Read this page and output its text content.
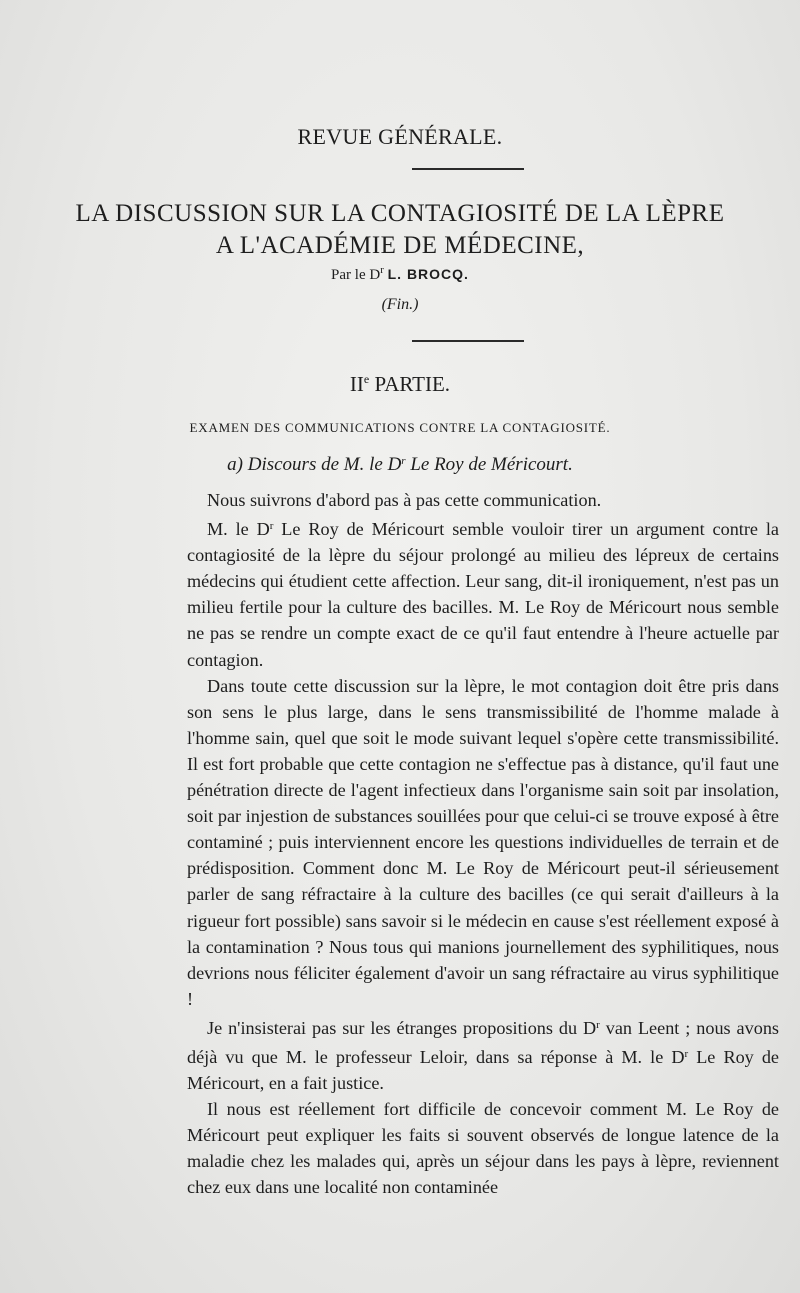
REVUE GÉNÉRALE.
LA DISCUSSION SUR LA CONTAGIOSITÉ DE LA LÈPRE
A L'ACADÉMIE DE MÉDECINE,
Par le $D^r$ L. BROCQ.
(Fin.)
IIe PARTIE.
EXAMEN DES COMMUNICATIONS CONTRE LA CONTAGIOSITÉ.
a) Discours de M. le $D^r$ Le Roy de Méricourt.

Nous suivrons d'abord pas à pas cette communication.

M. le $D^r$ Le Roy de Méricourt semble vouloir tirer un argument contre la contagiosité de la lèpre du séjour prolongé au milieu des lépreux de certains médecins qui étudient cette affection. Leur sang, dit-il ironiquement, n'est pas un milieu fertile pour la culture des bacilles. M. Le Roy de Méricourt nous semble ne pas se rendre un compte exact de ce qu'il faut entendre à l'heure actuelle par contagion.

Dans toute cette discussion sur la lèpre, le mot contagion doit être pris dans son sens le plus large, dans le sens transmissibilité de l'homme malade à l'homme sain, quel que soit le mode suivant lequel s'opère cette transmissibilité. Il est fort probable que cette contagion ne s'effectue pas à distance, qu'il faut une pénétration directe de l'agent infectieux dans l'organisme sain soit par insolation, soit par injestion de substances souillées pour que celui-ci se trouve exposé à être contaminé ; puis interviennent encore les questions individuelles de terrain et de prédisposition. Comment donc M. Le Roy de Méricourt peut-il sérieusement parler de sang réfractaire à la culture des bacilles (ce qui serait d'ailleurs à la rigueur fort possible) sans savoir si le médecin en cause s'est réellement exposé à la contamination ? Nous tous qui manions journellement des syphilitiques, nous devrions nous féliciter également d'avoir un sang réfractaire au virus syphilitique !

Je n'insisterai pas sur les étranges propositions du $D^r$ van Leent ; nous avons déjà vu que M. le professeur Leloir, dans sa réponse à M. le $D^r$ Le Roy de Méricourt, en a fait justice.

Il nous est réellement fort difficile de concevoir comment M. Le Roy de Méricourt peut expliquer les faits si souvent observés de longue latence de la maladie chez les malades qui, après un séjour dans les pays à lèpre, reviennent chez eux dans une localité non contaminée
